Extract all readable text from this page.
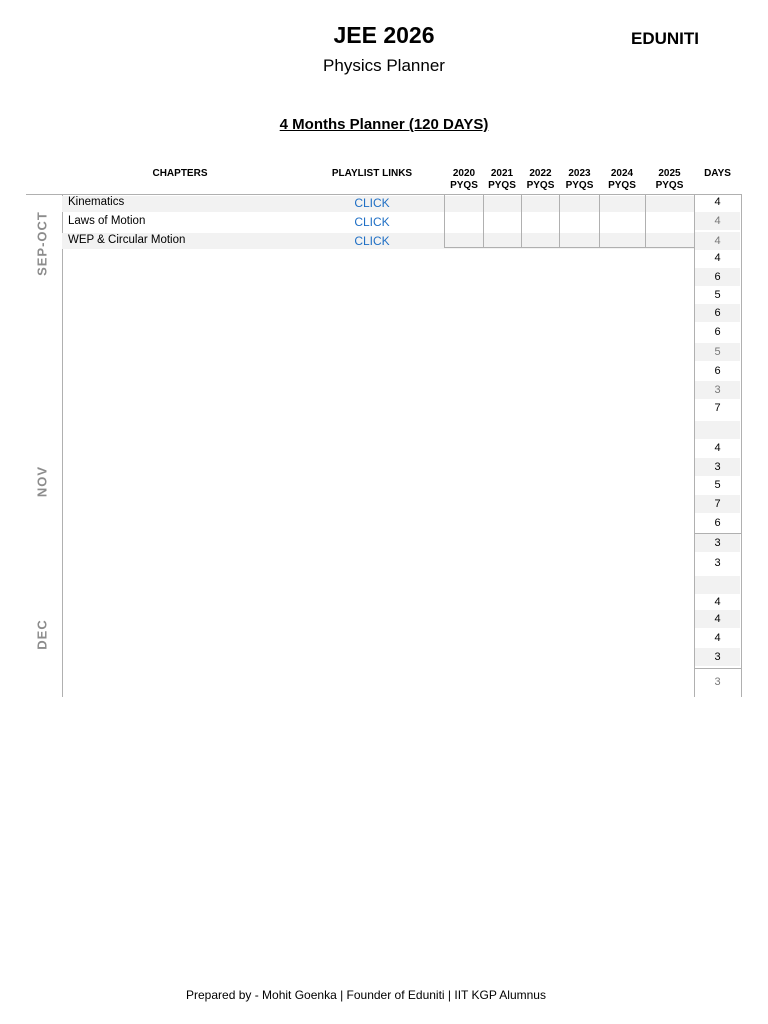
JEE 2026
Physics Planner
EDUNITI
4 Months Planner (120 DAYS)
CHAPTERS	PLAYLIST LINKS	2020
PYQS
2021
PYQS
2022
PYQS
2023
PYQS
2024
PYQS
2025
PYQS
DAYS
Kinematics
Laws of Motion
WEP & Circular Motion
CLICK
CLICK
CLICK
SEP-OCT
NOV
DEC
4
4
4
4
6
5
6
6
5
6
3
7
4
3
5
7
6
3
3
4
4
4
3
3
Prepared by - Mohit Goenka | Founder of Eduniti | IIT KGP Alumnus
